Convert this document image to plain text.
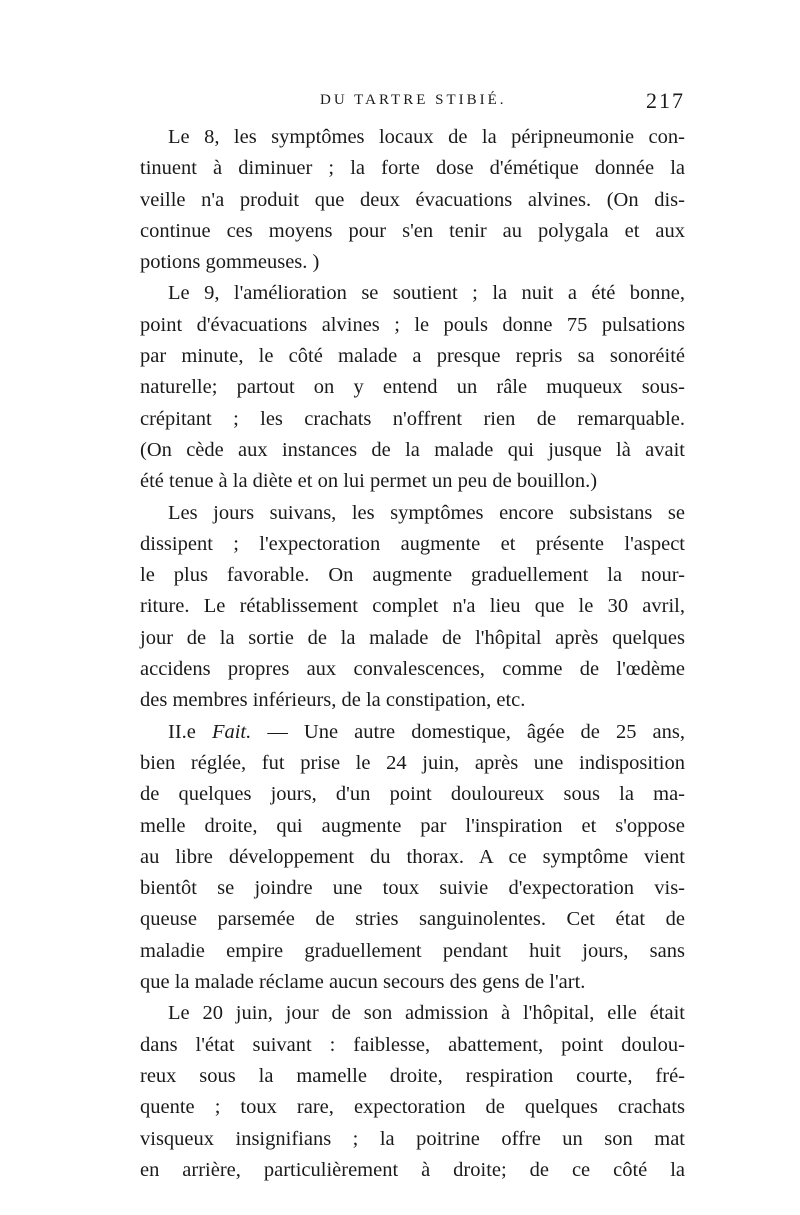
DU TARTRE STIBIÉ.	217
Le 8, les symptômes locaux de la péripneumonie con-
tinuent à diminuer ; la forte dose d'émétique donnée la
veille n'a produit que deux évacuations alvines. (On dis-
continue ces moyens pour s'en tenir au polygala et aux
potions gommeuses. )
Le 9, l'amélioration se soutient ; la nuit a été bonne,
point d'évacuations alvines ; le pouls donne 75 pulsations
par minute, le côté malade a presque repris sa sonoréité
naturelle; partout on y entend un râle muqueux sous-
crépitant ; les crachats n'offrent rien de remarquable.
(On cède aux instances de la malade qui jusque là avait
été tenue à la diète et on lui permet un peu de bouillon.)
Les jours suivans, les symptômes encore subsistans se
dissipent ; l'expectoration augmente et présente l'aspect
le plus favorable. On augmente graduellement la nour-
riture. Le rétablissement complet n'a lieu que le 30 avril,
jour de la sortie de la malade de l'hôpital après quelques
accidens propres aux convalescences, comme de l'œdème
des membres inférieurs, de la constipation, etc.
II.e Fait. — Une autre domestique, âgée de 25 ans,
bien réglée, fut prise le 24 juin, après une indisposition
de quelques jours, d'un point douloureux sous la ma-
melle droite, qui augmente par l'inspiration et s'oppose
au libre développement du thorax. A ce symptôme vient
bientôt se joindre une toux suivie d'expectoration vis-
queuse parsemée de stries sanguinolentes. Cet état de
maladie empire graduellement pendant huit jours, sans
que la malade réclame aucun secours des gens de l'art.
Le 20 juin, jour de son admission à l'hôpital, elle était
dans l'état suivant : faiblesse, abattement, point doulou-
reux sous la mamelle droite, respiration courte, fré-
quente ; toux rare, expectoration de quelques crachats
visqueux insignifians ; la poitrine offre un son mat
en arrière, particulièrement à droite; de ce côté la
